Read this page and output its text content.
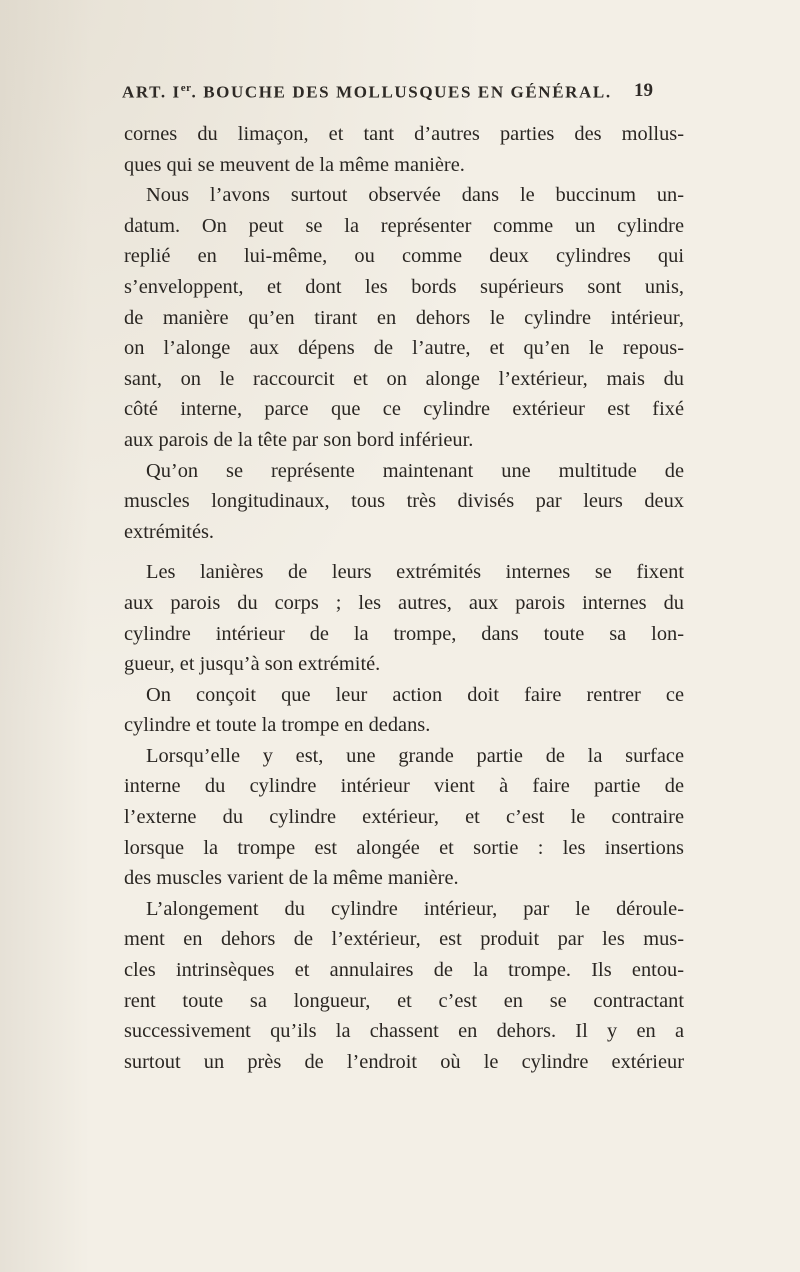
ART. Ier. BOUCHE DES MOLLUSQUES EN GÉNÉRAL.	19
cornes du limaçon, et tant d’autres parties des mollus-
ques qui se meuvent de la même manière.
Nous l’avons surtout observée dans le buccinum un-
datum. On peut se la représenter comme un cylindre
replié en lui-même, ou comme deux cylindres qui
s’enveloppent, et dont les bords supérieurs sont unis,
de manière qu’en tirant en dehors le cylindre intérieur,
on l’alonge aux dépens de l’autre, et qu’en le repous-
sant, on le raccourcit et on alonge l’extérieur, mais du
côté interne, parce que ce cylindre extérieur est fixé
aux parois de la tête par son bord inférieur.
Qu’on se représente maintenant une multitude de
muscles longitudinaux, tous très divisés par leurs deux
extrémités.
Les lanières de leurs extrémités internes se fixent
aux parois du corps ; les autres, aux parois internes du
cylindre intérieur de la trompe, dans toute sa lon-
gueur, et jusqu’à son extrémité.
On conçoit que leur action doit faire rentrer ce
cylindre et toute la trompe en dedans.
Lorsqu’elle y est, une grande partie de la surface
interne du cylindre intérieur vient à faire partie de
l’externe du cylindre extérieur, et c’est le contraire
lorsque la trompe est alongée et sortie : les insertions
des muscles varient de la même manière.
L’alongement du cylindre intérieur, par le déroule-
ment en dehors de l’extérieur, est produit par les mus-
cles intrinsèques et annulaires de la trompe. Ils entou-
rent toute sa longueur, et c’est en se contractant
successivement qu’ils la chassent en dehors. Il y en a
surtout un près de l’endroit où le cylindre extérieur
